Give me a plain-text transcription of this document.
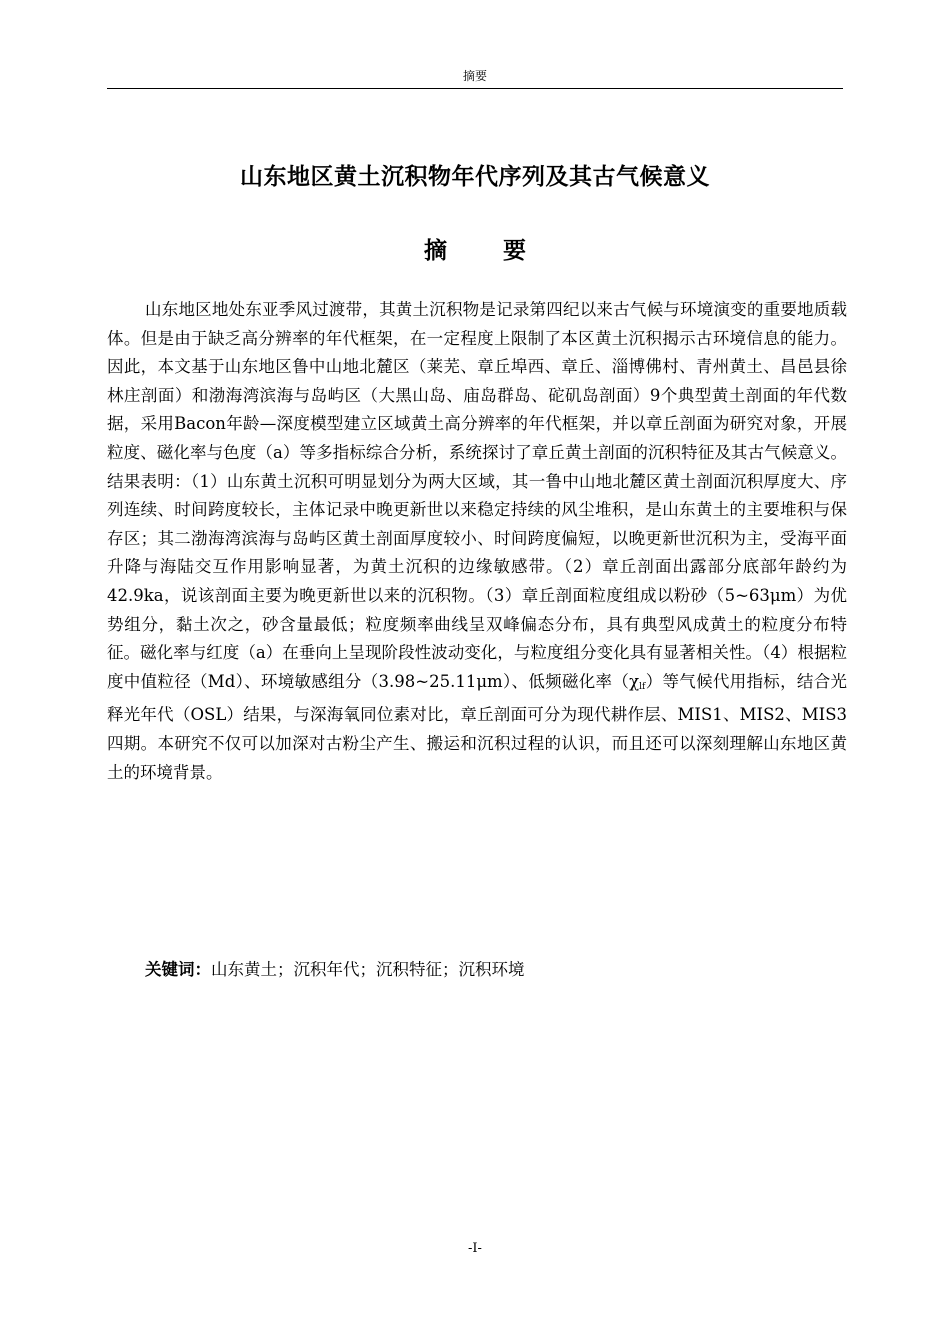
摘要
山东地区黄土沉积物年代序列及其古气候意义
摘 要

山东地区地处东亚季风过渡带，其黄土沉积物是记录第四纪以来古气候与环境演变的重要地质载体。但是由于缺乏高分辨率的年代框架，在一定程度上限制了本区黄土沉积揭示古环境信息的能力。因此，本文基于山东地区鲁中山地北麓区（莱芜、章丘埠西、章丘、淄博佛村、青州黄土、昌邑县徐林庄剖面）和渤海湾滨海与岛屿区（大黑山岛、庙岛群岛、砣矶岛剖面）9个典型黄土剖面的年代数据，采用Bacon年龄—深度模型建立区域黄土高分辨率的年代框架，并以章丘剖面为研究对象，开展粒度、磁化率与色度（a）等多指标综合分析，系统探讨了章丘黄土剖面的沉积特征及其古气候意义。结果表明：（1）山东黄土沉积可明显划分为两大区域，其一鲁中山地北麓区黄土剖面沉积厚度大、序列连续、时间跨度较长，主体记录中晚更新世以来稳定持续的风尘堆积，是山东黄土的主要堆积与保存区；其二渤海湾滨海与岛屿区黄土剖面厚度较小、时间跨度偏短，以晚更新世沉积为主，受海平面升降与海陆交互作用影响显著，为黄土沉积的边缘敏感带。（2）章丘剖面出露部分底部年龄约为42.9ka，说该剖面主要为晚更新世以来的沉积物。（3）章丘剖面粒度组成以粉砂（5~63μm）为优势组分，黏土次之，砂含量最低；粒度频率曲线呈双峰偏态分布，具有典型风成黄土的粒度分布特征。磁化率与红度（a）在垂向上呈现阶段性波动变化，与粒度组分变化具有显著相关性。（4）根据粒度中值粒径（Md）、环境敏感组分（3.98~25.11μm）、低频磁化率$(\chi_{lf})$等气候代用指标，结合光释光年代（OSL）结果，与深海氧同位素对比，章丘剖面可分为现代耕作层、MIS1、MIS2、MIS3四期。本研究不仅可以加深对古粉尘产生、搬运和沉积过程的认识，而且还可以深刻理解山东地区黄土的环境背景。

关键词：山东黄土；沉积年代；沉积特征；沉积环境

-I-
